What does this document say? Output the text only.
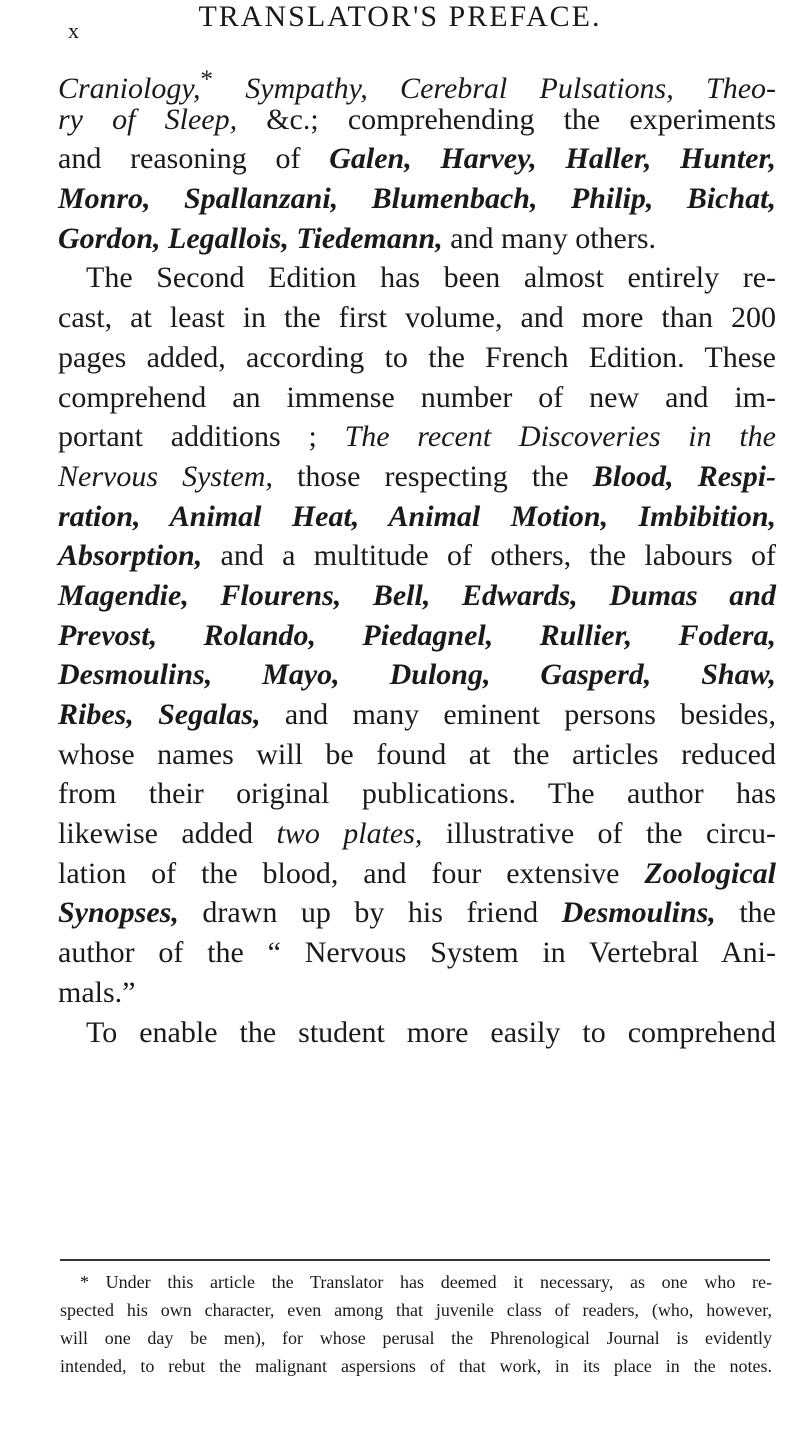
x	TRANSLATOR'S PREFACE.
Craniology,* Sympathy, Cerebral Pulsations, Theo-
ry of Sleep, &c.; comprehending the experiments
and reasoning of Galen, Harvey, Haller, Hunter,
Monro, Spallanzani, Blumenbach, Philip, Bichat,
Gordon, Legallois, Tiedemann, and many others.
The Second Edition has been almost entirely re-
cast, at least in the first volume, and more than 200
pages added, according to the French Edition. These
comprehend an immense number of new and im-
portant additions ; The recent Discoveries in the
Nervous System, those respecting the Blood, Respi-
ration, Animal Heat, Animal Motion, Imbibition,
Absorption, and a multitude of others, the labours of
Magendie, Flourens, Bell, Edwards, Dumas and
Prevost, Rolando, Piedagnel, Rullier, Fodera,
Desmoulins, Mayo, Dulong, Gasperd, Shaw,
Ribes, Segalas, and many eminent persons besides,
whose names will be found at the articles reduced
from their original publications. The author has
likewise added two plates, illustrative of the circu-
lation of the blood, and four extensive Zoological
Synopses, drawn up by his friend Desmoulins, the
author of the “ Nervous System in Vertebral Ani-
mals.”
To enable the student more easily to comprehend
* Under this article the Translator has deemed it necessary, as one who re-
spected his own character, even among that juvenile class of readers, (who, however,
will one day be men), for whose perusal the Phrenological Journal is evidently
intended, to rebut the malignant aspersions of that work, in its place in the notes.
